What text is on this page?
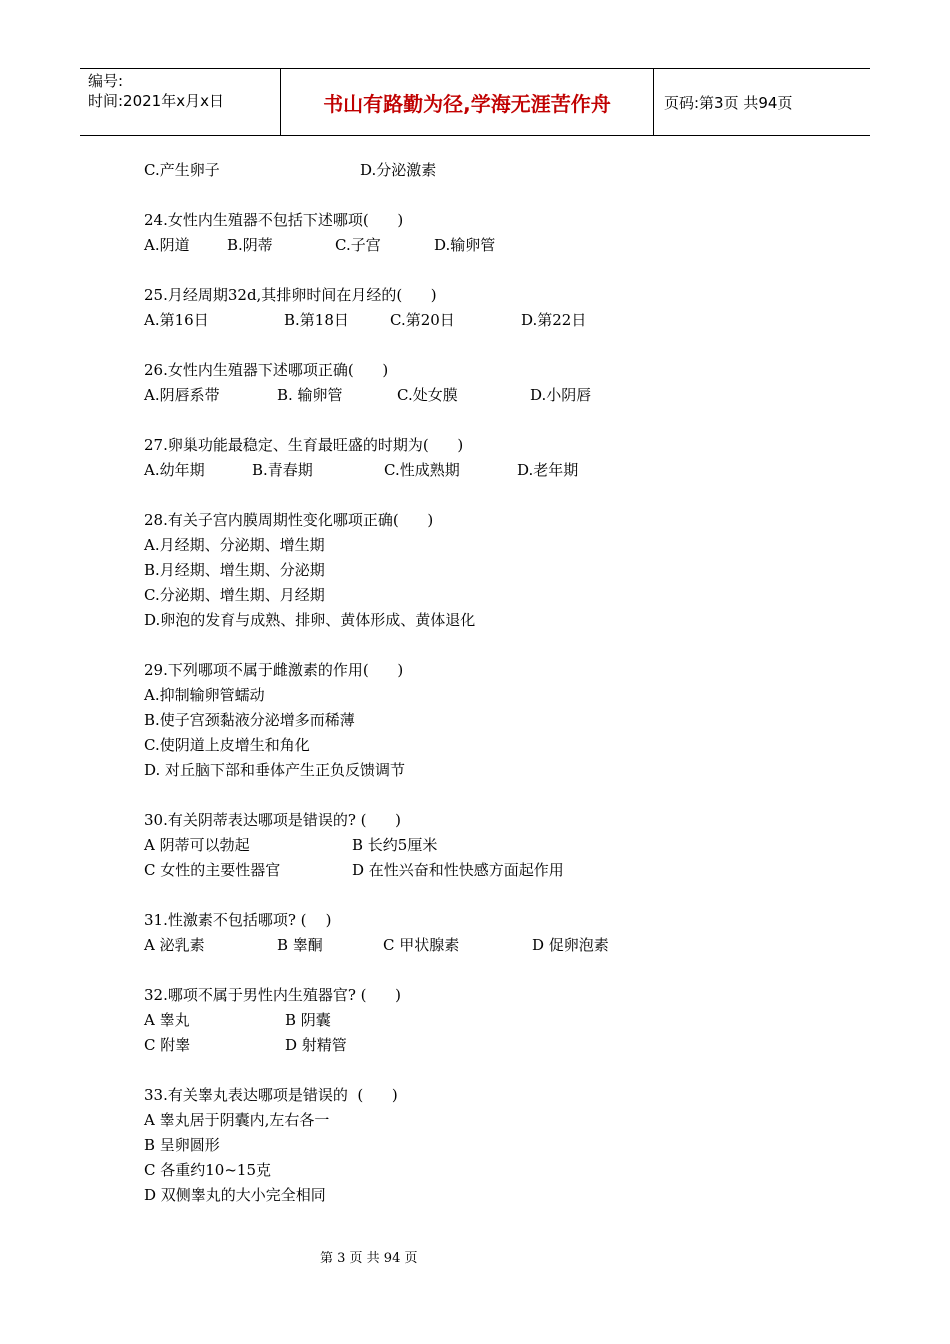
编号:
时间:2021年x月x日	书山有路勤为径,学海无涯苦作舟	页码:第3页 共94页
C.产生卵子	D.分泌激素
24.女性内生殖器不包括下述哪项(      )
A.阴道 B.阴蒂	C.子宫	D.输卵管
25.月经周期32d,其排卵时间在月经的(      )
A.第16日	B.第18日	C.第20日	D.第22日
26.女性内生殖器下述哪项正确(      )
A.阴唇系带	B. 输卵管	C.处女膜	D.小阴唇
27.卵巢功能最稳定、生育最旺盛的时期为(      )
A.幼年期	B.青春期	C.性成熟期	D.老年期
28.有关子宫内膜周期性变化哪项正确(      )
A.月经期、分泌期、增生期
B.月经期、增生期、分泌期
C.分泌期、增生期、月经期
D.卵泡的发育与成熟、排卵、黄体形成、黄体退化
29.下列哪项不属于雌激素的作用(      )
A.抑制输卵管蠕动
B.使子宫颈黏液分泌增多而稀薄
C.使阴道上皮增生和角化
D. 对丘脑下部和垂体产生正负反馈调节
30.有关阴蒂表达哪项是错误的? (      )
A 阴蒂可以勃起	B 长约5厘米
C 女性的主要性器官	D 在性兴奋和性快感方面起作用
31.性激素不包括哪项? (    )
A 泌乳素	B 睾酮	C 甲状腺素	D 促卵泡素
32.哪项不属于男性内生殖器官? (      )
A 睾丸	B 阴囊
C 附睾	D 射精管
33.有关睾丸表达哪项是错误的  (      )
A 睾丸居于阴囊内,左右各一
B 呈卵圆形
C 各重约10~15克
D 双侧睾丸的大小完全相同
第 3 页 共 94 页
